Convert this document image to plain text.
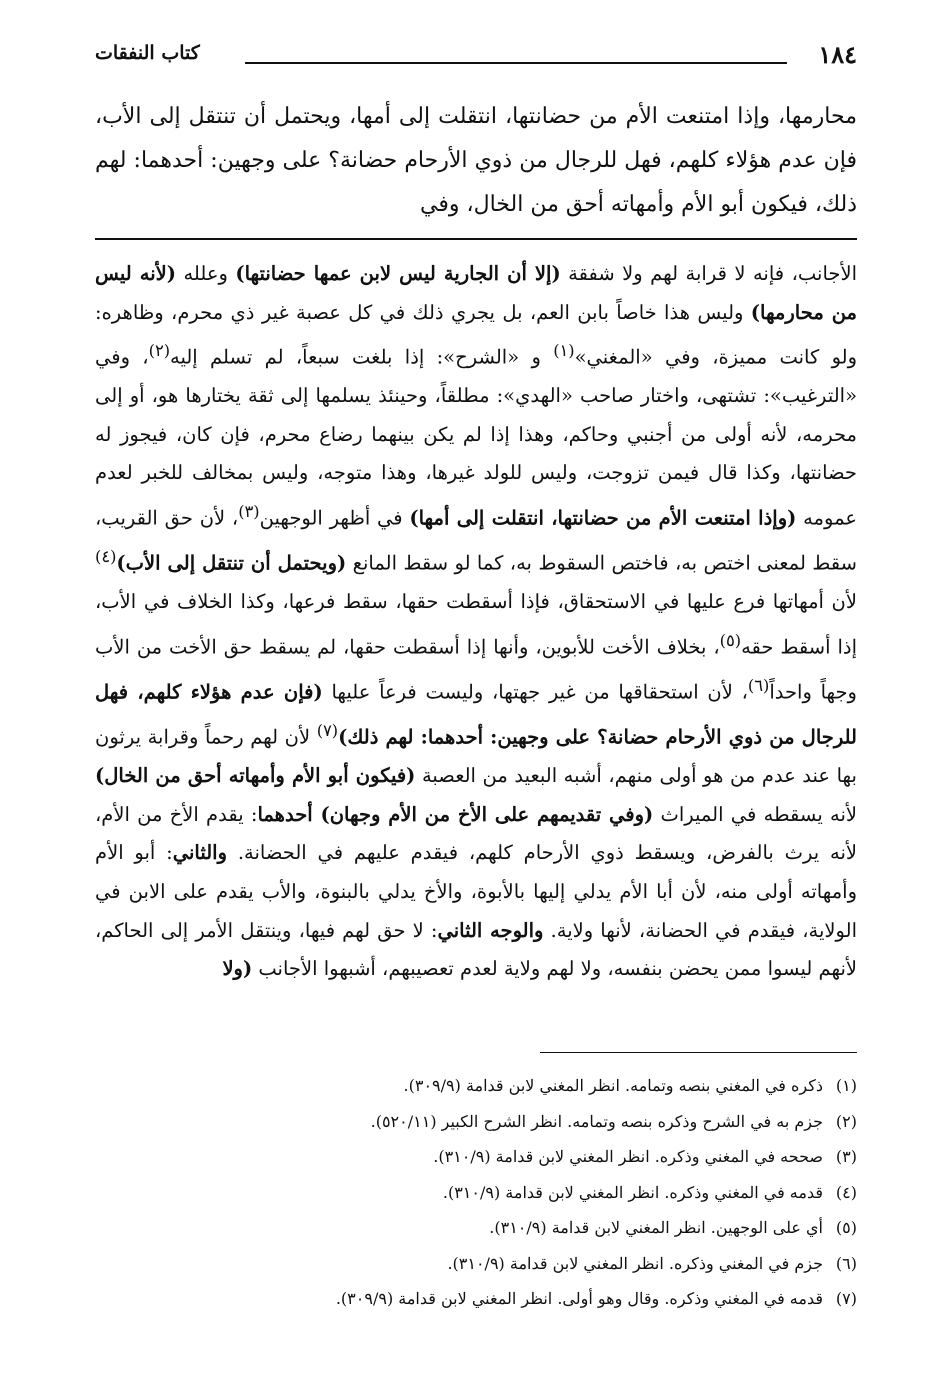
١٨٤
كتاب النفقات

محارمها، وإذا امتنعت الأم من حضانتها، انتقلت إلى أمها، ويحتمل أن تنتقل إلى الأب، فإن عدم هؤلاء كلهم، فهل للرجال من ذوي الأرحام حضانة؟ على وجهين: أحدهما: لهم ذلك، فيكون أبو الأم وأمهاته أحق من الخال، وفي

الأجانب، فإنه لا قرابة لهم ولا شفقة (إلا أن الجارية ليس لابن عمها حضانتها) وعلله (لأنه ليس من محارمها) وليس هذا خاصاً بابن العم، بل يجري ذلك في كل عصبة غير ذي محرم، وظاهره: ولو كانت مميزة، وفي «المغني»$^{(١)}$ و «الشرح»: إذا بلغت سبعاً، لم تسلم إليه$^{(٢)}$، وفي «الترغيب»: تشتهى، واختار صاحب «الهدي»: مطلقاً، وحينئذ يسلمها إلى ثقة يختارها هو، أو إلى محرمه، لأنه أولى من أجنبي وحاكم، وهذا إذا لم يكن بينهما رضاع محرم، فإن كان، فيجوز له حضانتها، وكذا قال فيمن تزوجت، وليس للولد غيرها، وهذا متوجه، وليس بمخالف للخبر لعدم عمومه (وإذا امتنعت الأم من حضانتها، انتقلت إلى أمها) في أظهر الوجهين$^{(٣)}$، لأن حق القريب، سقط لمعنى اختص به، فاختص السقوط به، كما لو سقط المانع (ويحتمل أن تنتقل إلى الأب)$^{(٤)}$ لأن أمهاتها فرع عليها في الاستحقاق، فإذا أسقطت حقها، سقط فرعها، وكذا الخلاف في الأب، إذا أسقط حقه$^{(٥)}$، بخلاف الأخت للأبوين، وأنها إذا أسقطت حقها، لم يسقط حق الأخت من الأب وجهاً واحداً$^{(٦)}$، لأن استحقاقها من غير جهتها، وليست فرعاً عليها (فإن عدم هؤلاء كلهم، فهل للرجال من ذوي الأرحام حضانة؟ على وجهين: أحدهما: لهم ذلك)$^{(٧)}$ لأن لهم رحماً وقرابة يرثون بها عند عدم من هو أولى منهم، أشبه البعيد من العصبة (فيكون أبو الأم وأمهاته أحق من الخال) لأنه يسقطه في الميراث (وفي تقديمهم على الأخ من الأم وجهان) أحدهما: يقدم الأخ من الأم، لأنه يرث بالفرض، ويسقط ذوي الأرحام كلهم، فيقدم عليهم في الحضانة. والثاني: أبو الأم وأمهاته أولى منه، لأن أبا الأم يدلي إليها بالأبوة، والأخ يدلي بالبنوة، والأب يقدم على الابن في الولاية، فيقدم في الحضانة، لأنها ولاية. والوجه الثاني: لا حق لهم فيها، وينتقل الأمر إلى الحاكم، لأنهم ليسوا ممن يحضن بنفسه، ولا لهم ولاية لعدم تعصيبهم، أشبهوا الأجانب (ولا

(١)ذكره في المغني بنصه وتمامه. انظر المغني لابن قدامة (٣٠٩/٩).
(٢)جزم به في الشرح وذكره بنصه وتمامه. انظر الشرح الكبير (٥٢٠/١١).
(٣)صححه في المغني وذكره. انظر المغني لابن قدامة (٣١٠/٩).
(٤)قدمه في المغني وذكره. انظر المغني لابن قدامة (٣١٠/٩).
(٥)أي على الوجهين. انظر المغني لابن قدامة (٣١٠/٩).
(٦)جزم في المغني وذكره. انظر المغني لابن قدامة (٣١٠/٩).
(٧)قدمه في المغني وذكره. وقال وهو أولى. انظر المغني لابن قدامة (٣٠٩/٩).
